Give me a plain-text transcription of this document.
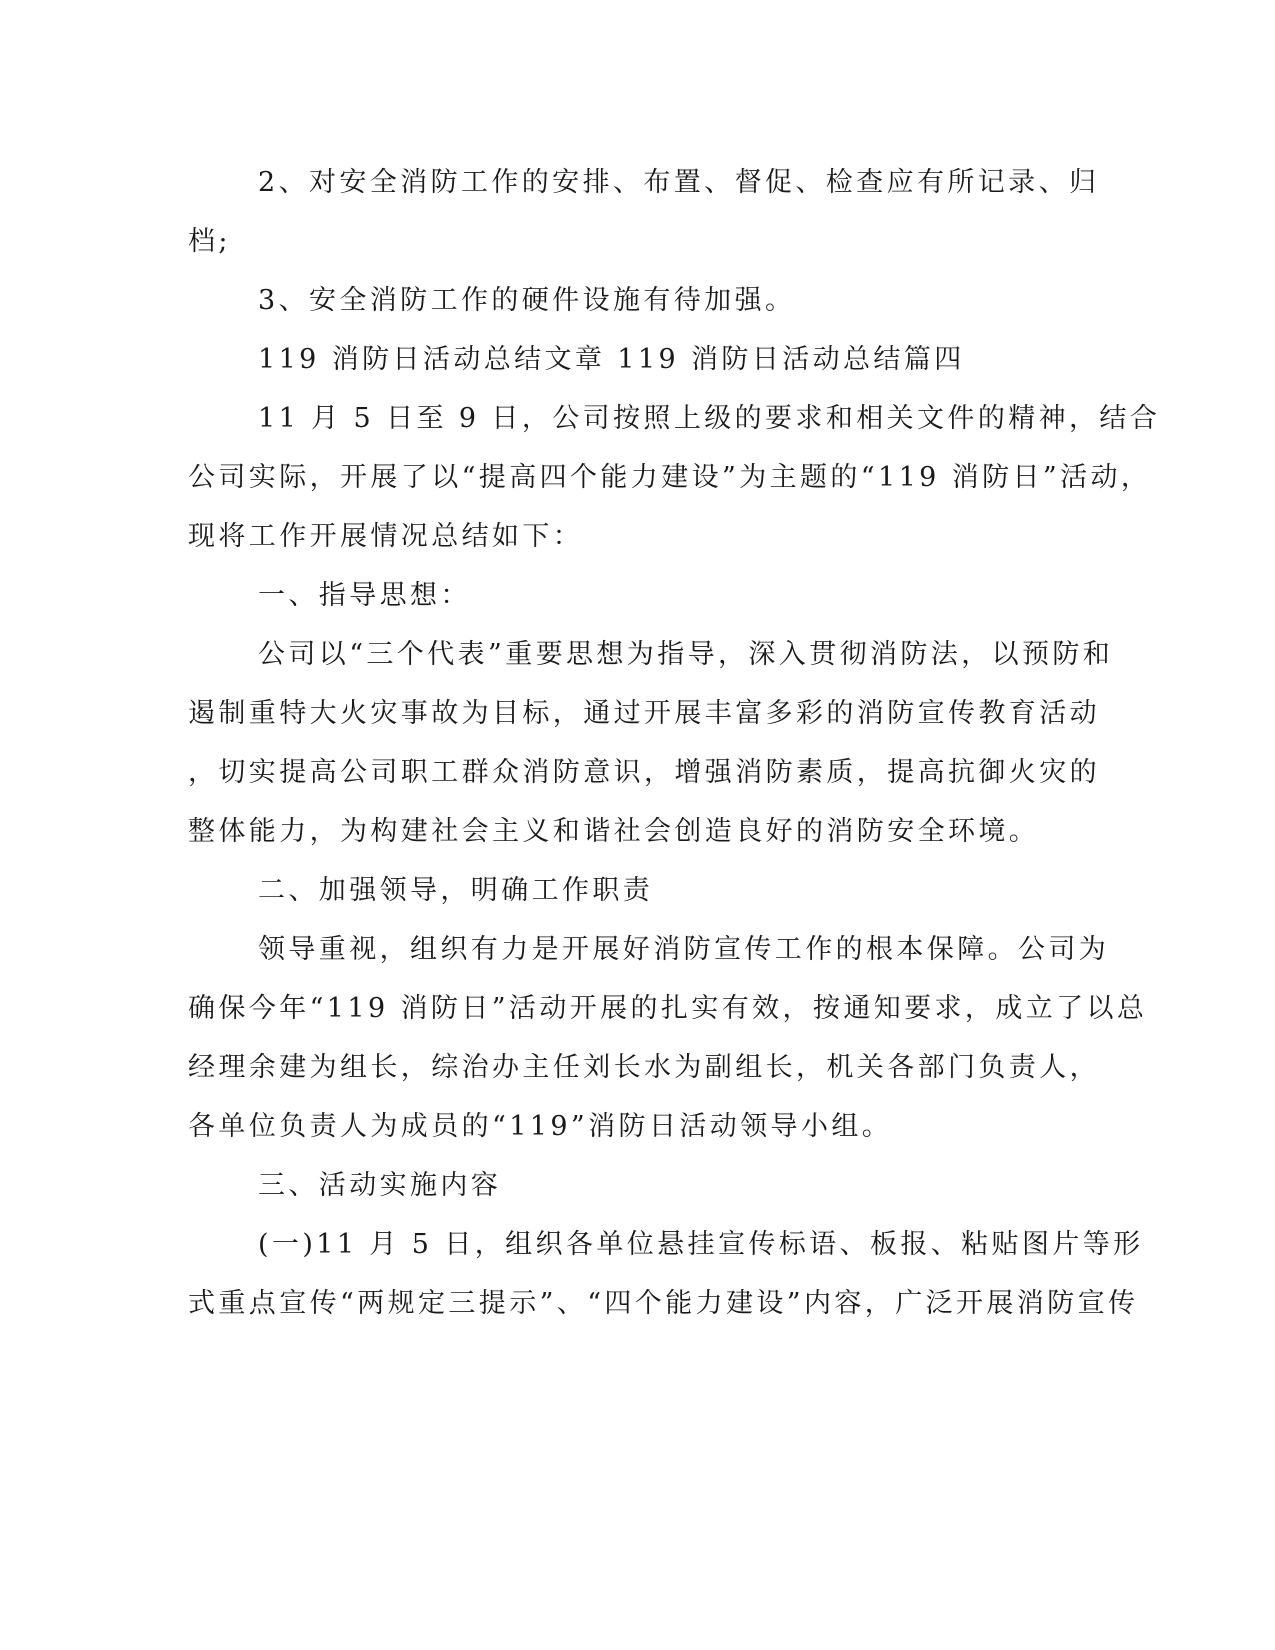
2、对安全消防工作的安排、布置、督促、检查应有所记录、归
档;
3、安全消防工作的硬件设施有待加强。
119 消防日活动总结文章 119 消防日活动总结篇四
11 月 5 日至 9 日，公司按照上级的要求和相关文件的精神，结合
公司实际，开展了以“提高四个能力建设”为主题的“119 消防日”活动，
现将工作开展情况总结如下：
一、指导思想：
公司以“三个代表”重要思想为指导，深入贯彻消防法，以预防和
遏制重特大火灾事故为目标，通过开展丰富多彩的消防宣传教育活动
，切实提高公司职工群众消防意识，增强消防素质，提高抗御火灾的
整体能力，为构建社会主义和谐社会创造良好的消防安全环境。
二、加强领导，明确工作职责
领导重视，组织有力是开展好消防宣传工作的根本保障。公司为
确保今年“119 消防日”活动开展的扎实有效，按通知要求，成立了以总
经理余建为组长，综治办主任刘长水为副组长，机关各部门负责人，
各单位负责人为成员的“119”消防日活动领导小组。
三、活动实施内容
(一)11 月 5 日，组织各单位悬挂宣传标语、板报、粘贴图片等形
式重点宣传“两规定三提示”、“四个能力建设”内容，广泛开展消防宣传
